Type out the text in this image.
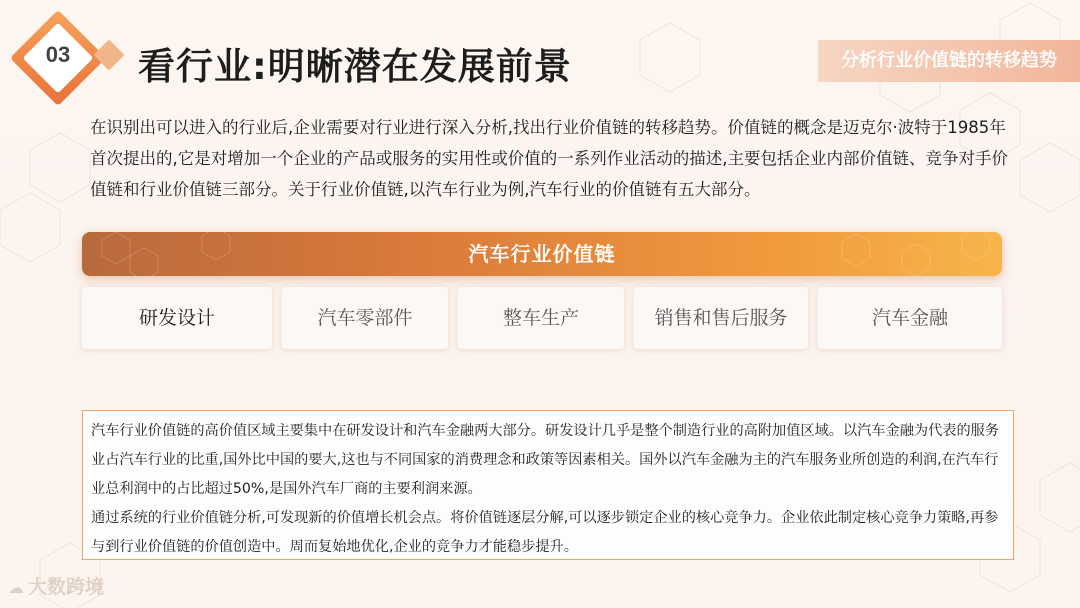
03	看行业:明晰潜在发展前景	分析行业价值链的转移趋势
在识别出可以进入的行业后,企业需要对行业进行深入分析,找出行业价值链的转移趋势。价值链的概念是迈克尔·波特于1985年首次提出的,它是对增加一个企业的产品或服务的实用性或价值的一系列作业活动的描述,主要包括企业内部价值链、竞争对手价值链和行业价值链三部分。关于行业价值链,以汽车行业为例,汽车行业的价值链有五大部分。
汽车行业价值链
研发设计	汽车零部件	整车生产	销售和售后服务	汽车金融

汽车行业价值链的高价值区域主要集中在研发设计和汽车金融两大部分。研发设计几乎是整个制造行业的高附加值区域。以汽车金融为代表的服务业占汽车行业的比重,国外比中国的要大,这也与不同国家的消费理念和政策等因素相关。国外以汽车金融为主的汽车服务业所创造的利润,在汽车行业总利润中的占比超过50%,是国外汽车厂商的主要利润来源。

通过系统的行业价值链分析,可发现新的价值增长机会点。将价值链逐层分解,可以逐步锁定企业的核心竞争力。企业依此制定核心竞争力策略,再参与到行业价值链的价值创造中。周而复始地优化,企业的竞争力才能稳步提升。

☁ 大数跨境
